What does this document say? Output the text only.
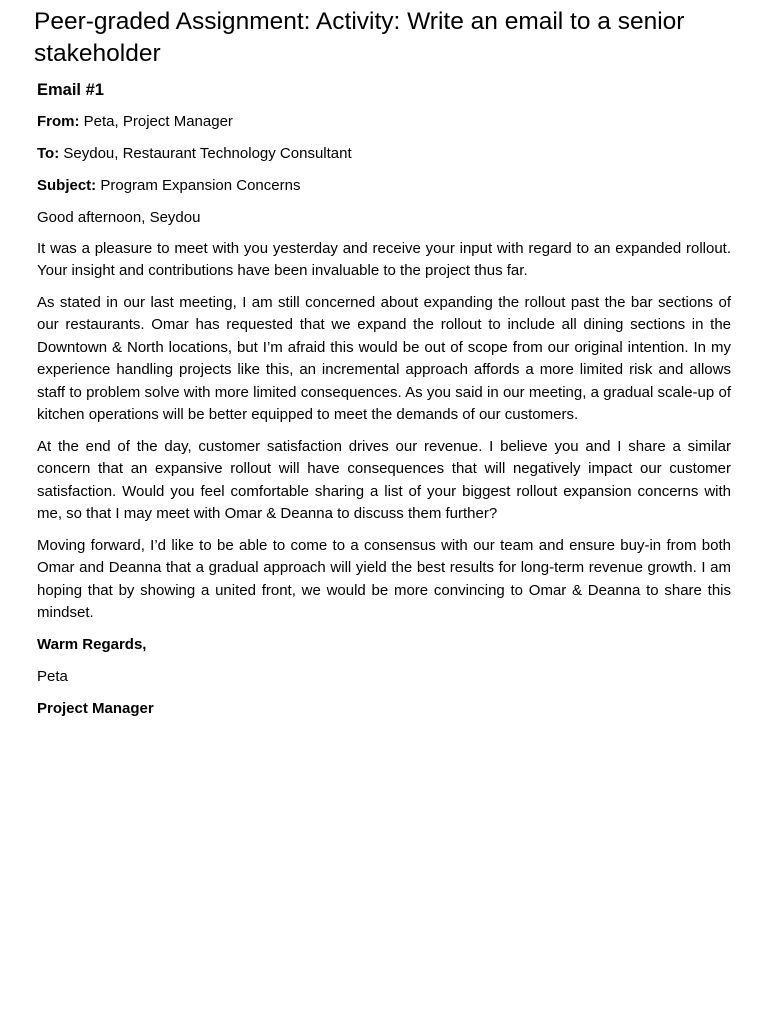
Peer-graded Assignment: Activity: Write an email to a senior stakeholder
Email #1
From: Peta, Project Manager
To: Seydou, Restaurant Technology Consultant
Subject: Program Expansion Concerns
Good afternoon, Seydou

It was a pleasure to meet with you yesterday and receive your input with regard to an expanded rollout. Your insight and contributions have been invaluable to the project thus far.

As stated in our last meeting, I am still concerned about expanding the rollout past the bar sections of our restaurants. Omar has requested that we expand the rollout to include all dining sections in the Downtown & North locations, but I’m afraid this would be out of scope from our original intention. In my experience handling projects like this, an incremental approach affords a more limited risk and allows staff to problem solve with more limited consequences. As you said in our meeting, a gradual scale-up of kitchen operations will be better equipped to meet the demands of our customers.

At the end of the day, customer satisfaction drives our revenue. I believe you and I share a similar concern that an expansive rollout will have consequences that will negatively impact our customer satisfaction. Would you feel comfortable sharing a list of your biggest rollout expansion concerns with me, so that I may meet with Omar & Deanna to discuss them further?

Moving forward, I’d like to be able to come to a consensus with our team and ensure buy-in from both Omar and Deanna that a gradual approach will yield the best results for long-term revenue growth. I am hoping that by showing a united front, we would be more convincing to Omar & Deanna to share this mindset.

Warm Regards,
Peta
Project Manager
